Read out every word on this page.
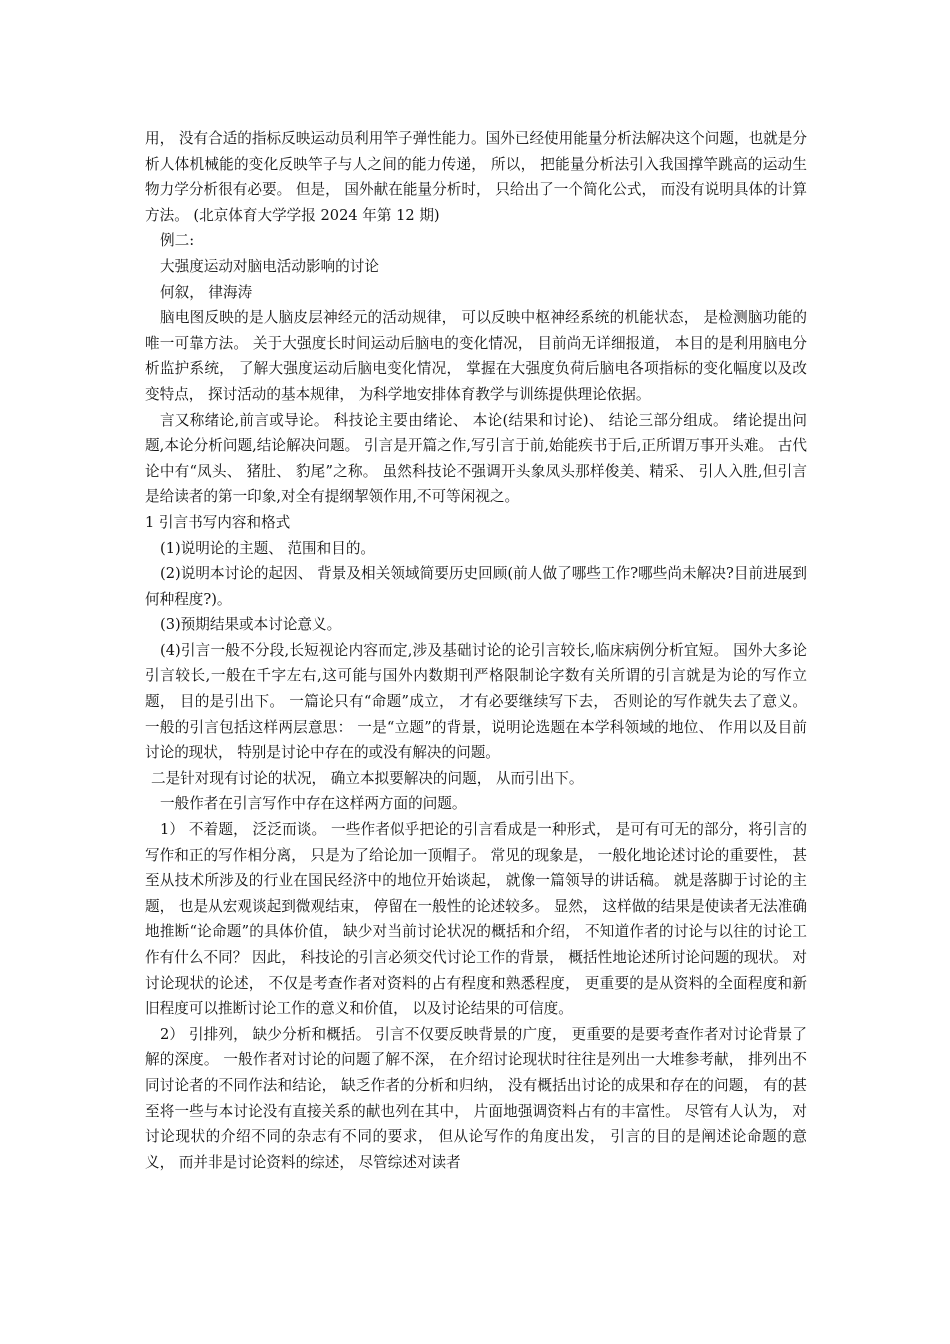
用， 没有合适的指标反映运动员利用竿子弹性能力。国外已经使用能量分析法解决这个问题，也就是分析人体机械能的变化反映竿子与人之间的能力传递， 所以， 把能量分析法引入我国撑竿跳高的运动生物力学分析很有必要。 但是， 国外献在能量分析时， 只给出了一个简化公式， 而没有说明具体的计算方法。 (北京体育大学学报 2024 年第 12 期)

例二:

大强度运动对脑电活动影响的讨论

何叙， 律海涛

脑电图反映的是人脑皮层神经元的活动规律， 可以反映中枢神经系统的机能状态， 是检测脑功能的唯一可靠方法。 关于大强度长时间运动后脑电的变化情况， 目前尚无详细报道， 本目的是利用脑电分析监护系统， 了解大强度运动后脑电变化情况， 掌握在大强度负荷后脑电各项指标的变化幅度以及改变特点， 探讨活动的基本规律， 为科学地安排体育教学与训练提供理论依据。

言又称绪论,前言或导论。 科技论主要由绪论、 本论(结果和讨论)、 结论三部分组成。 绪论提出问题,本论分析问题,结论解决问题。 引言是开篇之作,写引言于前,始能疾书于后,正所谓万事开头难。 古代论中有“凤头、 猪肚、 豹尾”之称。 虽然科技论不强调开头象凤头那样俊美、精采、 引人入胜,但引言是给读者的第一印象,对全有提纲挈领作用,不可等闲视之。

1 引言书写内容和格式

(1)说明论的主题、 范围和目的。

(2)说明本讨论的起因、 背景及相关领域简要历史回顾(前人做了哪些工作?哪些尚未解决?目前进展到何种程度?)。

(3)预期结果或本讨论意义。

(4)引言一般不分段,长短视论内容而定,涉及基础讨论的论引言较长,临床病例分析宜短。 国外大多论引言较长,一般在千字左右,这可能与国外内数期刊严格限制论字数有关所谓的引言就是为论的写作立题， 目的是引出下。 一篇论只有“命题”成立， 才有必要继续写下去， 否则论的写作就失去了意义。 一般的引言包括这样两层意思： 一是“立题”的背景，说明论选题在本学科领域的地位、 作用以及目前讨论的现状， 特别是讨论中存在的或没有解决的问题。

二是针对现有讨论的状况， 确立本拟要解决的问题， 从而引出下。

一般作者在引言写作中存在这样两方面的问题。

1） 不着题， 泛泛而谈。 一些作者似乎把论的引言看成是一种形式， 是可有可无的部分，将引言的写作和正的写作相分离， 只是为了给论加一顶帽子。 常见的现象是， 一般化地论述讨论的重要性， 甚至从技术所涉及的行业在国民经济中的地位开始谈起， 就像一篇领导的讲话稿。 就是落脚于讨论的主题， 也是从宏观谈起到微观结束， 停留在一般性的论述较多。 显然， 这样做的结果是使读者无法准确地推断“论命题”的具体价值， 缺少对当前讨论状况的概括和介绍， 不知道作者的讨论与以往的讨论工作有什么不同？ 因此， 科技论的引言必须交代讨论工作的背景， 概括性地论述所讨论问题的现状。 对讨论现状的论述， 不仅是考查作者对资料的占有程度和熟悉程度， 更重要的是从资料的全面程度和新旧程度可以推断讨论工作的意义和价值， 以及讨论结果的可信度。

2） 引排列， 缺少分析和概括。 引言不仅要反映背景的广度， 更重要的是要考查作者对讨论背景了解的深度。 一般作者对讨论的问题了解不深， 在介绍讨论现状时往往是列出一大堆参考献， 排列出不同讨论者的不同作法和结论， 缺乏作者的分析和归纳， 没有概括出讨论的成果和存在的问题， 有的甚至将一些与本讨论没有直接关系的献也列在其中， 片面地强调资料占有的丰富性。 尽管有人认为， 对讨论现状的介绍不同的杂志有不同的要求， 但从论写作的角度出发， 引言的目的是阐述论命题的意义， 而并非是讨论资料的综述， 尽管综述对读者
